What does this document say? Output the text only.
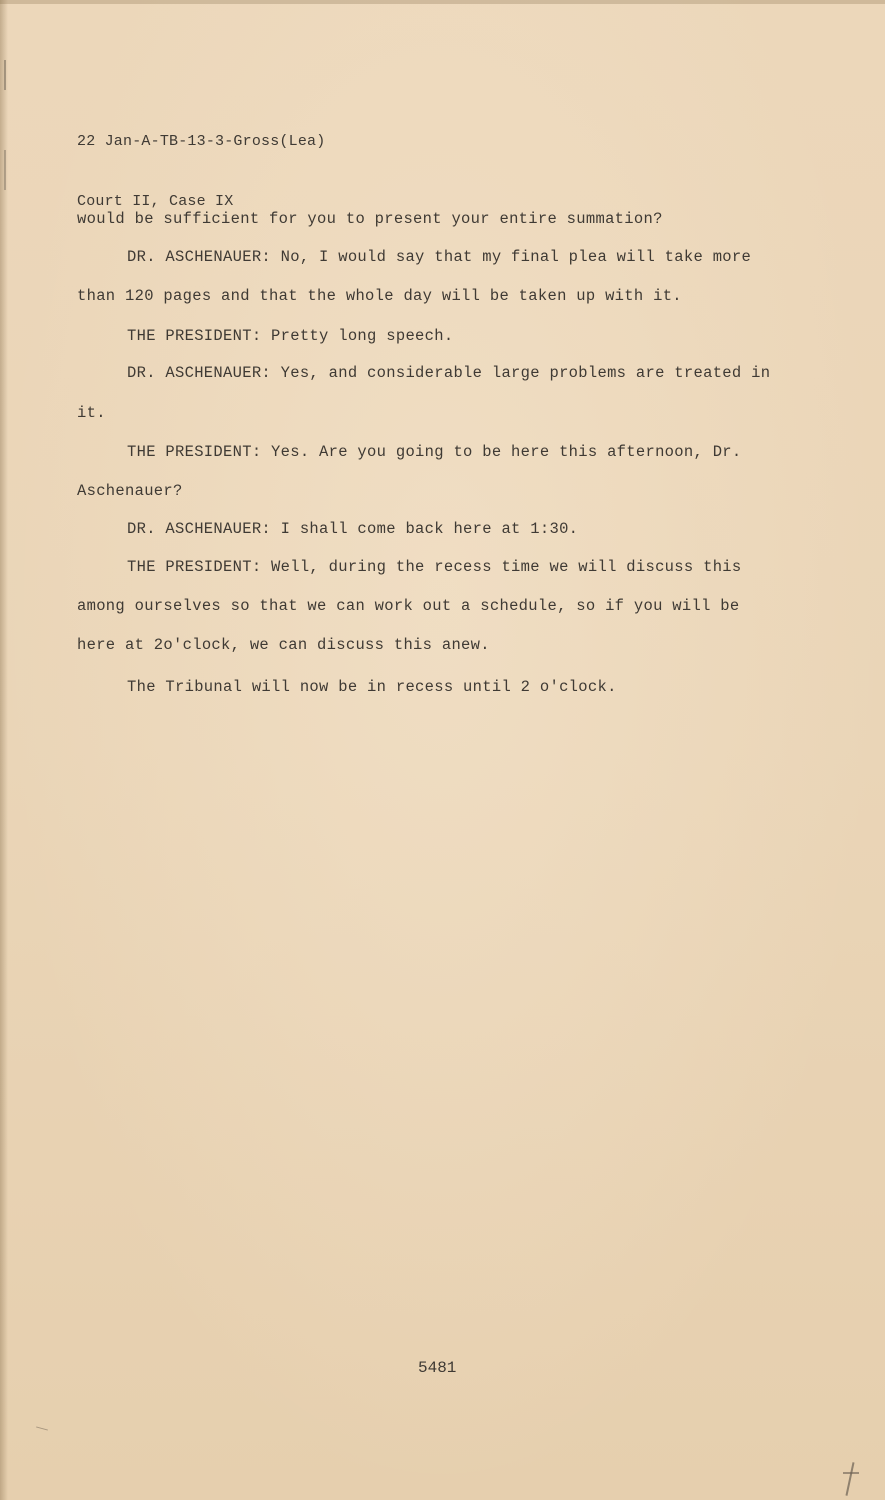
22 Jan-A-TB-13-3-Gross(Lea)

Court II, Case IX

would be sufficient for you to present your entire summation?
DR. ASCHENAUER: No, I would say that my final plea will take more
than 120 pages and that the whole day will be taken up with it.
THE PRESIDENT: Pretty long speech.
DR. ASCHENAUER: Yes, and considerable large problems are treated in
it.
THE PRESIDENT: Yes. Are you going to be here this afternoon, Dr.
Aschenauer?
DR. ASCHENAUER: I shall come back here at 1:30.
THE PRESIDENT: Well, during the recess time we will discuss this
among ourselves so that we can work out a schedule, so if you will be
here at 2o'clock, we can discuss this anew.
The Tribunal will now be in recess until 2 o'clock.
5481
